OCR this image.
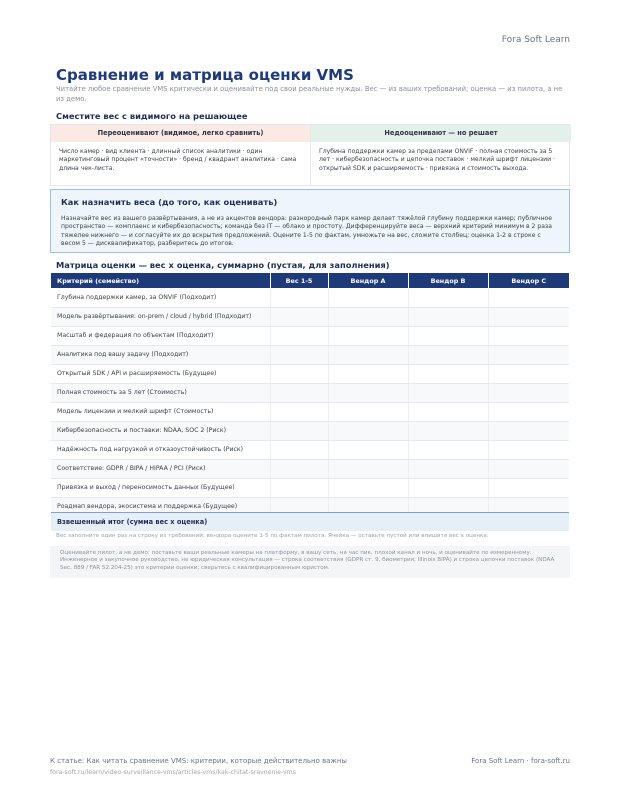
Fora Soft Learn
Сравнение и матрица оценки VMS

Читайте любое сравнение VMS критически и оценивайте под свои реальные нужды. Вес — из ваших требований; оценка — из пилота, а не из демо.

Сместите вес с видимого на решающее
Переоценивают (видимое, легко сравнить)
Число камер · вид клиента · длинный список аналитики · один маркетинговый процент «точности» · бренд / квадрант аналитика · сама длина чек-листа.
Недооценивают — но решает
Глубина поддержки камер за пределами ONVIF · полная стоимость за 5 лет · кибербезопасность и цепочка поставок · мелкий шрифт лицензии · открытый SDK и расширяемость · привязка и стоимость выхода.
Как назначить веса (до того, как оценивать)
Назначайте вес из вашего развёртывания, а не из акцентов вендора: разнородный парк камер делает тяжёлой глубину поддержки камер; публичное пространство — комплаенс и кибербезопасность; команда без IT — облако и простоту. Дифференцируйте веса — верхний критерий минимум в 2 раза тяжелее нижнего — и согласуйте их до вскрытия предложений. Оцените 1-5 по фактам, умножьте на вес, сложите столбец; оценка 1-2 в строке с весом 5 — дисквалификатор, разберитесь до итогов.
Матрица оценки — вес x оценка, суммарно (пустая, для заполнения)
Критерий (семейство)	Вес 1-5	Вендор A	Вендор B	Вендор C
Глубина поддержки камер, за ONVIF (Подходит)				
Модель развёртывания: on-prem / cloud / hybrid (Подходит)				
Масштаб и федерация по объектам (Подходит)				
Аналитика под вашу задачу (Подходит)				
Открытый SDK / API и расширяемость (Будущее)				
Полная стоимость за 5 лет (Стоимость)				
Модель лицензии и мелкий шрифт (Стоимость)				
Кибербезопасность и поставки: NDAA, SOC 2 (Риск)				
Надёжность под нагрузкой и отказоустойчивость (Риск)				
Соответствие: GDPR / BIPA / HIPAA / PCI (Риск)				
Привязка и выход / переносимость данных (Будущее)				
Роадмап вендора, экосистема и поддержка (Будущее)				
Взвешенный итог (сумма вес x оценка)
Вес заполните один раз на строку из требований; вендора оцените 1-5 по фактам пилота. Ячейка — оставьте пустой или впишите вес x оценка.
Оценивайте пилот, а не демо: поставьте ваши реальные камеры на платформу, в вашу сеть, на час пик, плохой канал и ночь, и оценивайте по измеренному. Инженерное и закупочное руководство, не юридическая консультация — строка соответствия (GDPR ст. 9, биометрия; Illinois BIPA) и строка цепочки поставок (NDAA Sec. 889 / FAR 52.204-25) это критерии оценки; сверьтесь с квалифицированным юристом.
К статье: Как читать сравнение VMS: критерии, которые действительно важны
fora-soft.ru/learn/video-surveillance-vms/articles-vms/kak-chitat-sravnenie-vms
Fora Soft Learn · fora-soft.ru
